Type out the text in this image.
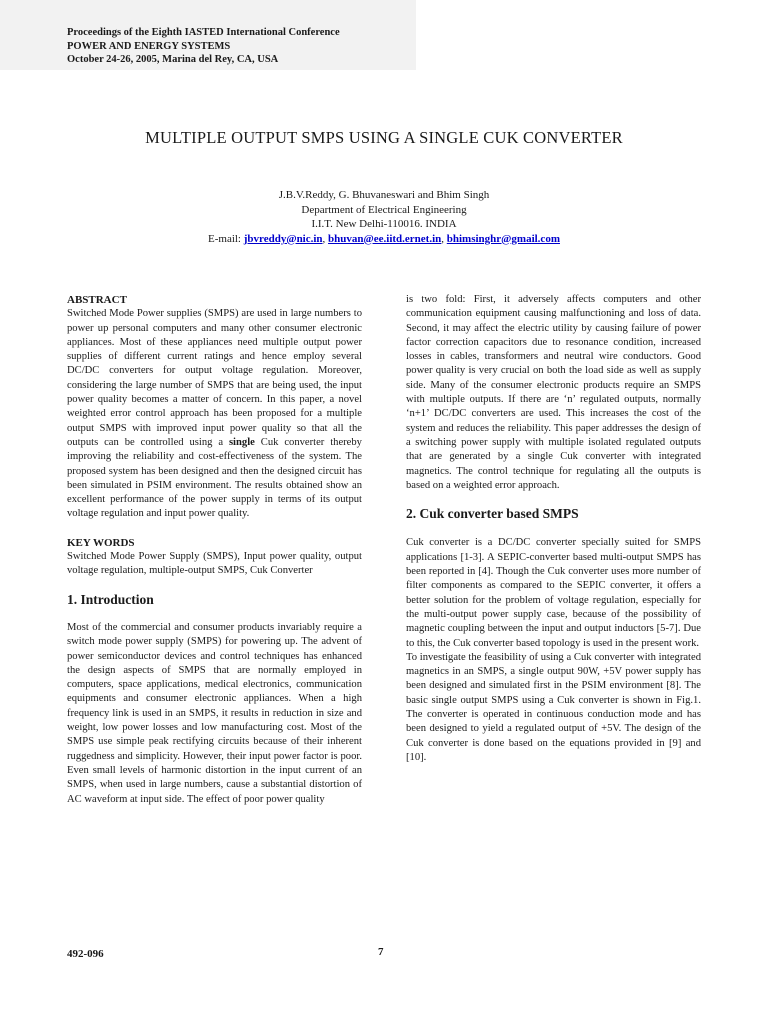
Proceedings of the Eighth IASTED International Conference
POWER AND ENERGY SYSTEMS
October 24-26, 2005, Marina del Rey, CA, USA
MULTIPLE OUTPUT SMPS USING A SINGLE CUK CONVERTER
J.B.V.Reddy, G. Bhuvaneswari and Bhim Singh
Department of Electrical Engineering
I.I.T. New Delhi-110016. INDIA
E-mail: jbvreddy@nic.in, bhuvan@ee.iitd.ernet.in, bhimsinghr@gmail.com
ABSTRACT

Switched Mode Power supplies (SMPS) are used in large numbers to power up personal computers and many other consumer electronic appliances. Most of these appliances need multiple output power supplies of different current ratings and hence employ several DC/DC converters for output voltage regulation. Moreover, considering the large number of SMPS that are being used, the input power quality becomes a matter of concern. In this paper, a novel weighted error control approach has been proposed for a multiple output SMPS with improved input power quality so that all the outputs can be controlled using a single Cuk converter thereby improving the reliability and cost-effectiveness of the system. The proposed system has been designed and then the designed circuit has been simulated in PSIM environment. The results obtained show an excellent performance of the power supply in terms of its output voltage regulation and input power quality.

KEY WORDS

Switched Mode Power Supply (SMPS), Input power quality, output voltage regulation, multiple-output SMPS, Cuk Converter

1. Introduction

Most of the commercial and consumer products invariably require a switch mode power supply (SMPS) for powering up. The advent of power semiconductor devices and control techniques has enhanced the design aspects of SMPS that are normally employed in computers, space applications, medical electronics, communication equipments and consumer electronic appliances. When a high frequency link is used in an SMPS, it results in reduction in size and weight, low power losses and low manufacturing cost. Most of the SMPS use simple peak rectifying circuits because of their inherent ruggedness and simplicity. However, their input power factor is poor. Even small levels of harmonic distortion in the input current of an SMPS, when used in large numbers, cause a substantial distortion of AC waveform at input side. The effect of poor power quality

is two fold: First, it adversely affects computers and other communication equipment causing malfunctioning and loss of data. Second, it may affect the electric utility by causing failure of power factor correction capacitors due to resonance condition, increased losses in cables, transformers and neutral wire conductors. Good power quality is very crucial on both the load side as well as supply side. Many of the consumer electronic products require an SMPS with multiple outputs. If there are ‘n’ regulated outputs, normally ‘n+1’ DC/DC converters are used. This increases the cost of the system and reduces the reliability. This paper addresses the design of a switching power supply with multiple isolated regulated outputs that are generated by a single Cuk converter with integrated magnetics. The control technique for regulating all the outputs is based on a weighted error approach.

2. Cuk converter based SMPS

Cuk converter is a DC/DC converter specially suited for SMPS applications [1-3]. A SEPIC-converter based multi-output SMPS has been reported in [4]. Though the Cuk converter uses more number of filter components as compared to the SEPIC converter, it offers a better solution for the problem of voltage regulation, especially for the multi-output power supply case, because of the possibility of magnetic coupling between the input and output inductors [5-7]. Due to this, the Cuk converter based topology is used in the present work.

To investigate the feasibility of using a Cuk converter with integrated magnetics in an SMPS, a single output 90W, +5V power supply has been designed and simulated first in the PSIM environment [8]. The basic single output SMPS using a Cuk converter is shown in Fig.1. The converter is operated in continuous conduction mode and has been designed to yield a regulated output of +5V. The design of the Cuk converter is done based on the equations provided in [9] and [10].

492-096	7
